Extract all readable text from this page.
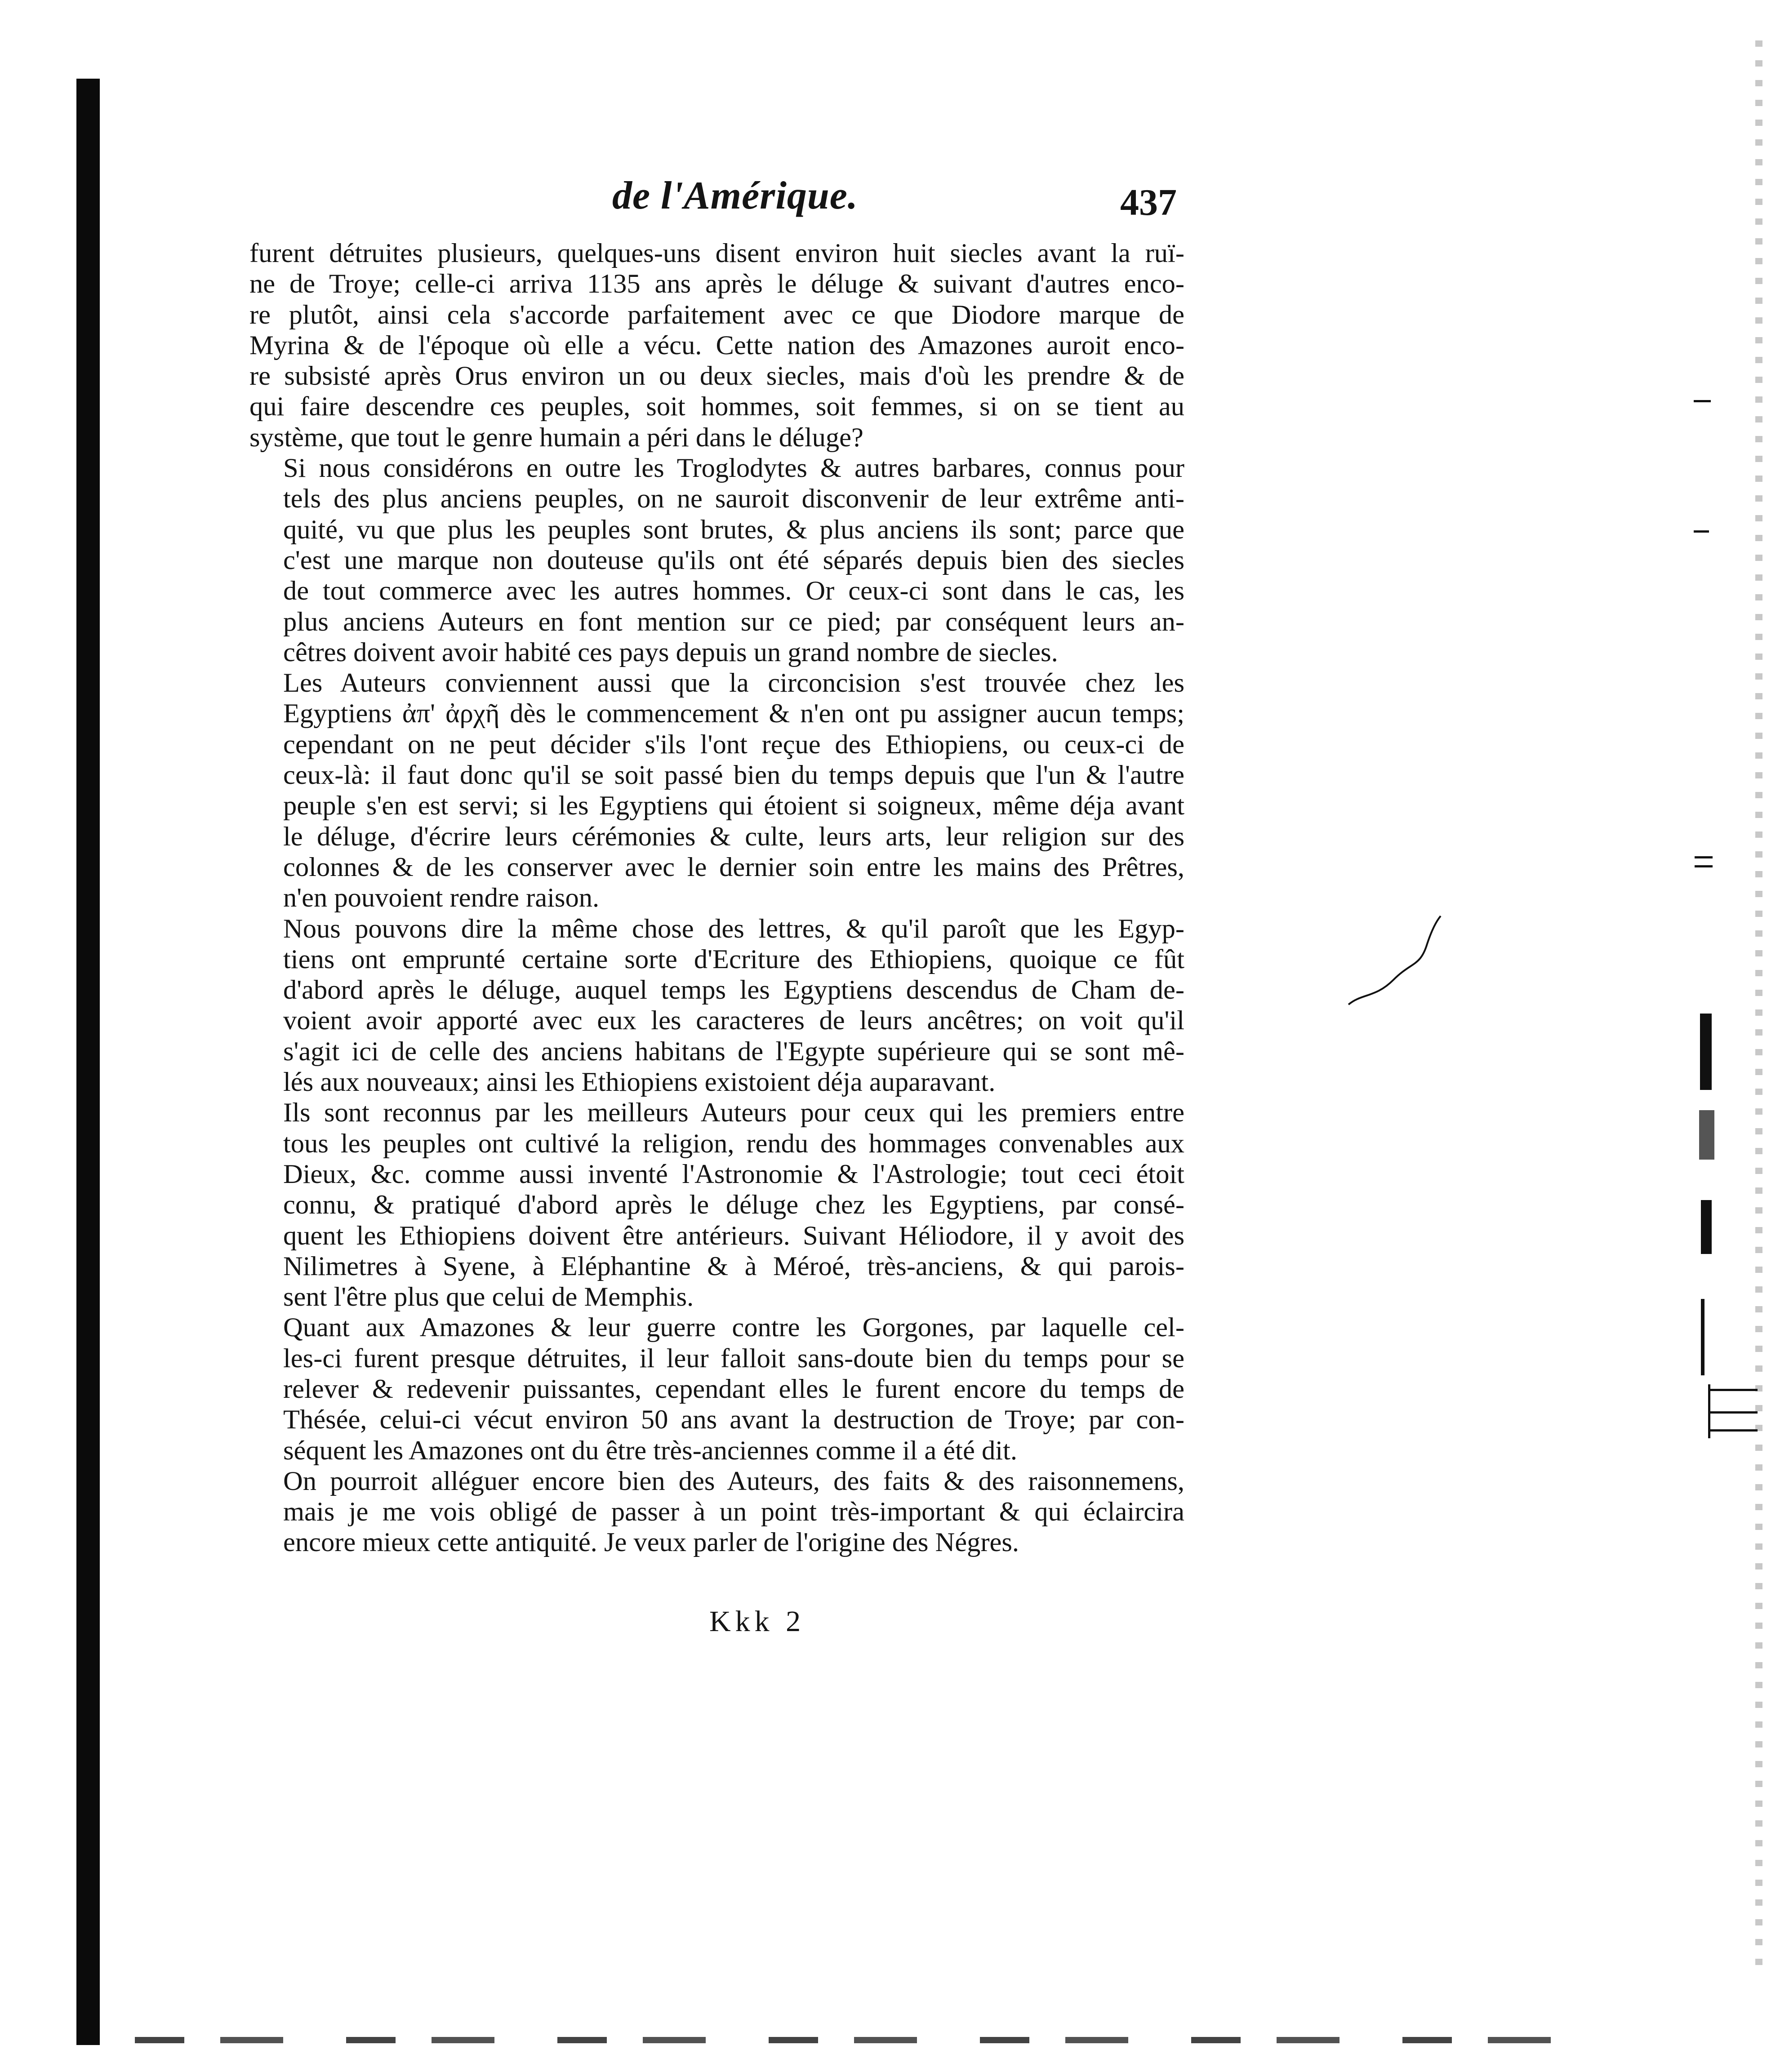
de l'Amérique.	437

furent détruites plusieurs, quelques-uns disent environ huit siecles avant la ruï-
ne de Troye; celle-ci arriva 1135 ans après le déluge & suivant d'autres enco-
re plutôt, ainsi cela s'accorde parfaitement avec ce que Diodore marque de
Myrina & de l'époque où elle a vécu. Cette nation des Amazones auroit enco-
re subsisté après Orus environ un ou deux siecles, mais d'où les prendre & de
qui faire descendre ces peuples, soit hommes, soit femmes, si on se tient au
système, que tout le genre humain a péri dans le déluge?

Si nous considérons en outre les Troglodytes & autres barbares, connus pour
tels des plus anciens peuples, on ne sauroit disconvenir de leur extrême anti-
quité, vu que plus les peuples sont brutes, & plus anciens ils sont; parce que
c'est une marque non douteuse qu'ils ont été séparés depuis bien des siecles
de tout commerce avec les autres hommes. Or ceux-ci sont dans le cas, les
plus anciens Auteurs en font mention sur ce pied; par conséquent leurs an-
cêtres doivent avoir habité ces pays depuis un grand nombre de siecles.

Les Auteurs conviennent aussi que la circoncision s'est trouvée chez les
Egyptiens ἀπ' ἀρχῆ dès le commencement & n'en ont pu assigner aucun temps;
cependant on ne peut décider s'ils l'ont reçue des Ethiopiens, ou ceux-ci de
ceux-là: il faut donc qu'il se soit passé bien du temps depuis que l'un & l'autre
peuple s'en est servi; si les Egyptiens qui étoient si soigneux, même déja avant
le déluge, d'écrire leurs cérémonies & culte, leurs arts, leur religion sur des
colonnes & de les conserver avec le dernier soin entre les mains des Prêtres,
n'en pouvoient rendre raison.

Nous pouvons dire la même chose des lettres, & qu'il paroît que les Egyp-
tiens ont emprunté certaine sorte d'Ecriture des Ethiopiens, quoique ce fût
d'abord après le déluge, auquel temps les Egyptiens descendus de Cham de-
voient avoir apporté avec eux les caracteres de leurs ancêtres; on voit qu'il
s'agit ici de celle des anciens habitans de l'Egypte supérieure qui se sont mê-
lés aux nouveaux; ainsi les Ethiopiens existoient déja auparavant.

Ils sont reconnus par les meilleurs Auteurs pour ceux qui les premiers entre
tous les peuples ont cultivé la religion, rendu des hommages convenables aux
Dieux, &c. comme aussi inventé l'Astronomie & l'Astrologie; tout ceci étoit
connu, & pratiqué d'abord après le déluge chez les Egyptiens, par consé-
quent les Ethiopiens doivent être antérieurs. Suivant Héliodore, il y avoit des
Nilimetres à Syene, à Eléphantine & à Méroé, très-anciens, & qui parois-
sent l'être plus que celui de Memphis.

Quant aux Amazones & leur guerre contre les Gorgones, par laquelle cel-
les-ci furent presque détruites, il leur falloit sans-doute bien du temps pour se
relever & redevenir puissantes, cependant elles le furent encore du temps de
Thésée, celui-ci vécut environ 50 ans avant la destruction de Troye; par con-
séquent les Amazones ont du être très-anciennes comme il a été dit.

On pourroit alléguer encore bien des Auteurs, des faits & des raisonnemens,
mais je me vois obligé de passer à un point très-important & qui éclaircira
encore mieux cette antiquité. Je veux parler de l'origine des Négres.

Kkk 2
